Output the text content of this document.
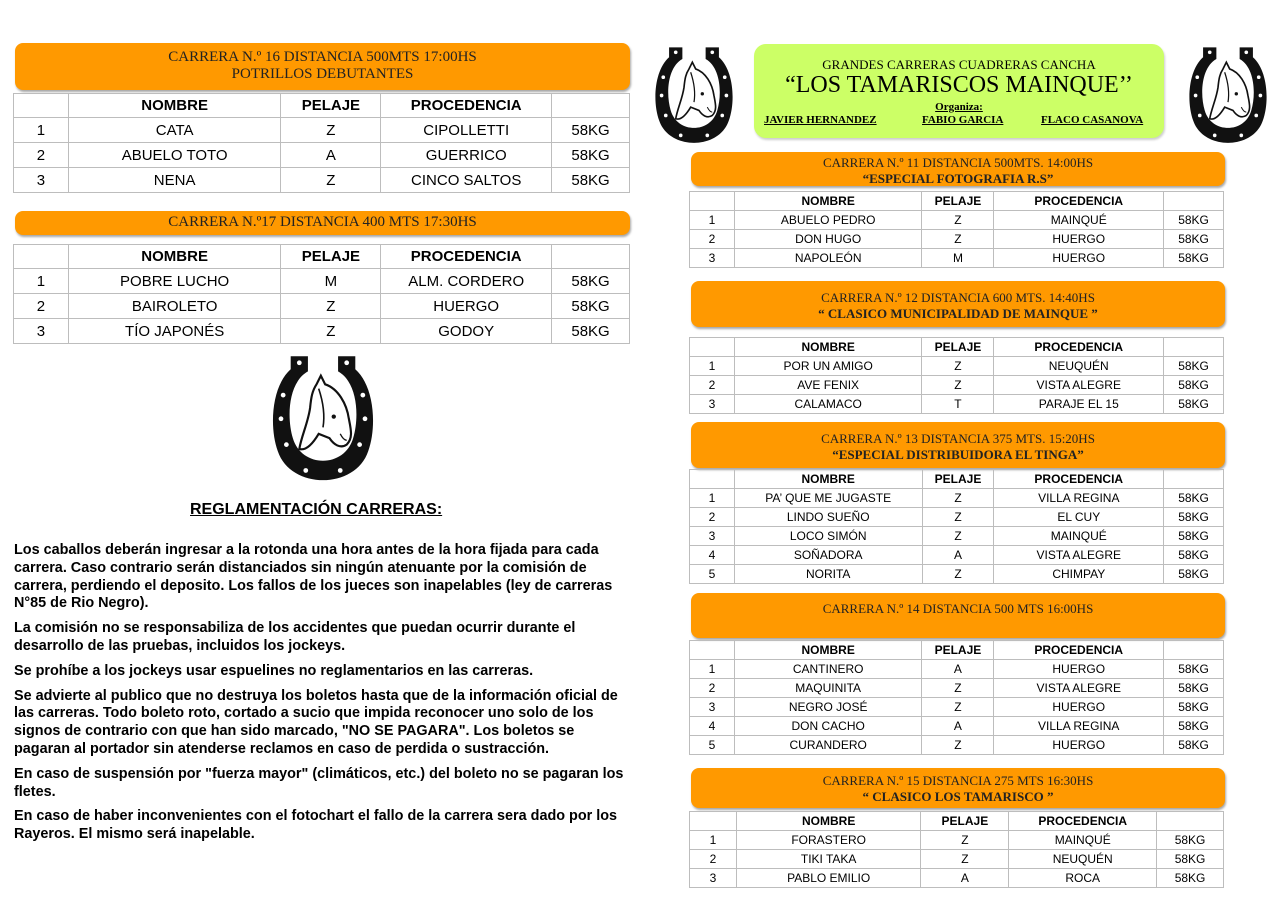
CARRERA N.º 16 DISTANCIA 500MTS 17:00HS
POTRILLOS DEBUTANTES
	NOMBRE	PELAJE	PROCEDENCIA	
1	CATA	Z	CIPOLLETTI	58KG
2	ABUELO TOTO	A	GUERRICO	58KG
3	NENA	Z	CINCO SALTOS	58KG
CARRERA N.º17 DISTANCIA 400 MTS 17:30HS
	NOMBRE	PELAJE	PROCEDENCIA	
1	POBRE LUCHO	M	ALM. CORDERO	58KG
2	BAIROLETO	Z	HUERGO	58KG
3	TÍO JAPONÉS	Z	GODOY	58KG
REGLAMENTACIÓN CARRERAS:

Los caballos deberán ingresar a la rotonda una hora antes de la hora fijada para cada carrera. Caso contrario serán distanciados sin ningún atenuante por la comisión de carrera, perdiendo el deposito. Los fallos de los jueces son inapelables (ley de carreras N°85 de Rio Negro).

La comisión no se responsabiliza de los accidentes que puedan ocurrir durante el desarrollo de las pruebas, incluidos los jockeys.

Se prohíbe a los jockeys usar espuelines no reglamentarios en las carreras.

Se advierte al publico que no destruya los boletos hasta que de la información oficial de las carreras. Todo boleto roto, cortado a sucio que impida reconocer uno solo de los signos de contrario con que han sido marcado, "NO SE PAGARA". Los boletos se pagaran al portador sin atenderse reclamos en caso de perdida o sustracción.

En caso de suspensión por "fuerza mayor" (climáticos, etc.) del boleto no se pagaran los fletes.

En caso de haber inconvenientes con el fotochart el fallo de la carrera sera dado por los Rayeros. El mismo será inapelable.

GRANDES CARRERAS CUADRERAS CANCHA
“LOS TAMARISCOS MAINQUE’’
Organiza:
JAVIER HERNANDEZ	FABIO GARCIA	FLACO CASANOVA
CARRERA N.º 11 DISTANCIA 500MTS. 14:00HS
“ESPECIAL FOTOGRAFIA R.S”
	NOMBRE	PELAJE	PROCEDENCIA	
1	ABUELO PEDRO	Z	MAINQUÉ	58KG
2	DON HUGO	Z	HUERGO	58KG
3	NAPOLEÓN	M	HUERGO	58KG
CARRERA N.º 12 DISTANCIA 600 MTS. 14:40HS
“ CLASICO MUNICIPALIDAD DE MAINQUE ”
	NOMBRE	PELAJE	PROCEDENCIA	
1	POR UN AMIGO	Z	NEUQUÉN	58KG
2	AVE FENIX	Z	VISTA ALEGRE	58KG
3	CALAMACO	T	PARAJE EL 15	58KG
CARRERA N.º 13 DISTANCIA 375 MTS. 15:20HS
“ESPECIAL DISTRIBUIDORA EL TINGA”
	NOMBRE	PELAJE	PROCEDENCIA	
1	PA’ QUE ME JUGASTE	Z	VILLA REGINA	58KG
2	LINDO SUEÑO	Z	EL CUY	58KG
3	LOCO SIMÓN	Z	MAINQUÉ	58KG
4	SOÑADORA	A	VISTA ALEGRE	58KG
5	NORITA	Z	CHIMPAY	58KG
CARRERA N.º 14 DISTANCIA 500 MTS 16:00HS
	NOMBRE	PELAJE	PROCEDENCIA	
1	CANTINERO	A	HUERGO	58KG
2	MAQUINITA	Z	VISTA ALEGRE	58KG
3	NEGRO JOSÉ	Z	HUERGO	58KG
4	DON CACHO	A	VILLA REGINA	58KG
5	CURANDERO	Z	HUERGO	58KG
CARRERA N.º 15 DISTANCIA 275 MTS 16:30HS
“ CLASICO LOS TAMARISCO ”
	NOMBRE	PELAJE	PROCEDENCIA	
1	FORASTERO	Z	MAINQUÉ	58KG
2	TIKI TAKA	Z	NEUQUÉN	58KG
3	PABLO EMILIO	A	ROCA	58KG
